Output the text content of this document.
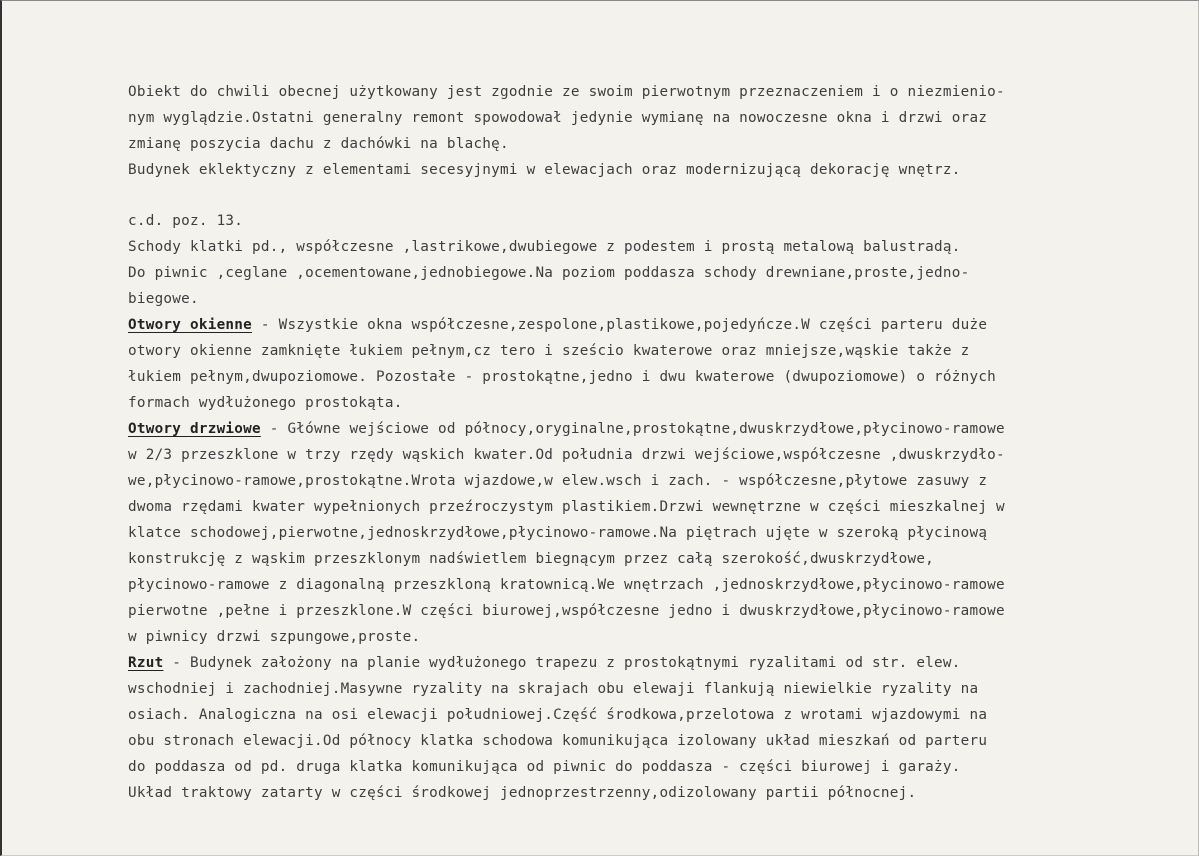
Obiekt do chwili obecnej użytkowany jest zgodnie ze swoim pierwotnym przeznaczeniem i o niezmienio-
nym wyglądzie.Ostatni generalny remont spowodował jedynie wymianę na nowoczesne okna i drzwi oraz
zmianę poszycia dachu z dachówki na blachę.
Budynek eklektyczny z elementami secesyjnymi w elewacjach oraz modernizującą dekorację wnętrz.
c.d. poz. 13.
Schody klatki pd., współczesne ,lastrikowe,dwubiegowe z podestem i prostą metalową balustradą.
Do piwnic ,ceglane ,ocementowane,jednobiegowe.Na poziom poddasza schody drewniane,proste,jedno-
biegowe.
Otwory okienne - Wszystkie okna współczesne,zespolone,plastikowe,pojedyńcze.W części parteru duże
otwory okienne zamknięte łukiem pełnym,cz tero i sześcio kwaterowe oraz mniejsze,wąskie także z
łukiem pełnym,dwupoziomowe. Pozostałe - prostokątne,jedno i dwu kwaterowe (dwupoziomowe) o różnych
formach wydłużonego prostokąta.
Otwory drzwiowe - Główne wejściowe od północy,oryginalne,prostokątne,dwuskrzydłowe,płycinowo-ramowe
w 2/3 przeszklone w trzy rzędy wąskich kwater.Od południa drzwi wejściowe,współczesne ,dwuskrzydło-
we,płycinowo-ramowe,prostokątne.Wrota wjazdowe,w elew.wsch i zach. - współczesne,płytowe zasuwy z
dwoma rzędami kwater wypełnionych przeźroczystym plastikiem.Drzwi wewnętrzne w części mieszkalnej w
klatce schodowej,pierwotne,jednoskrzydłowe,płycinowo-ramowe.Na piętrach ujęte w szeroką płycinową
konstrukcję z wąskim przeszklonym nadświetlem biegnącym przez całą szerokość,dwuskrzydłowe,
płycinowo-ramowe z diagonalną przeszkloną kratownicą.We wnętrzach ,jednoskrzydłowe,płycinowo-ramowe
pierwotne ,pełne i przeszklone.W części biurowej,współczesne jedno i dwuskrzydłowe,płycinowo-ramowe
w piwnicy drzwi szpungowe,proste.
Rzut - Budynek założony na planie wydłużonego trapezu z prostokątnymi ryzalitami od str. elew.
wschodniej i zachodniej.Masywne ryzality na skrajach obu elewaji flankują niewielkie ryzality na
osiach. Analogiczna na osi elewacji południowej.Część środkowa,przelotowa z wrotami wjazdowymi na
obu stronach elewacji.Od północy klatka schodowa komunikująca izolowany układ mieszkań od parteru
do poddasza od pd. druga klatka komunikująca od piwnic do poddasza - części biurowej i garaży.
Układ traktowy zatarty w części środkowej jednoprzestrzenny,odizolowany partii północnej.
